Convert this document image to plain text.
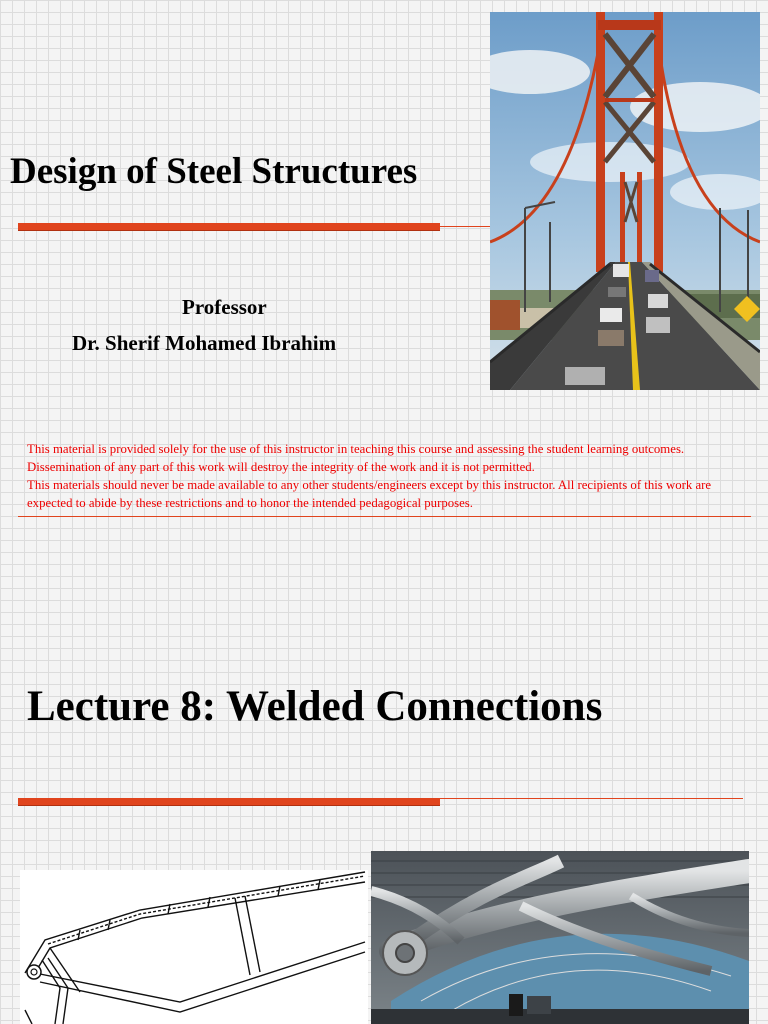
Design of Steel Structures
Professor
Dr. Sherif Mohamed Ibrahim

This material is provided solely for the use of this instructor in teaching this course and assessing the student learning outcomes. Dissemination of any part of this work will destroy the integrity of the work and it is not permitted.

This materials should never be made available to any other students/engineers except by this instructor. All recipients of this work are expected to abide by these restrictions and to honor the intended pedagogical purposes.

Lecture 8: Welded Connections
